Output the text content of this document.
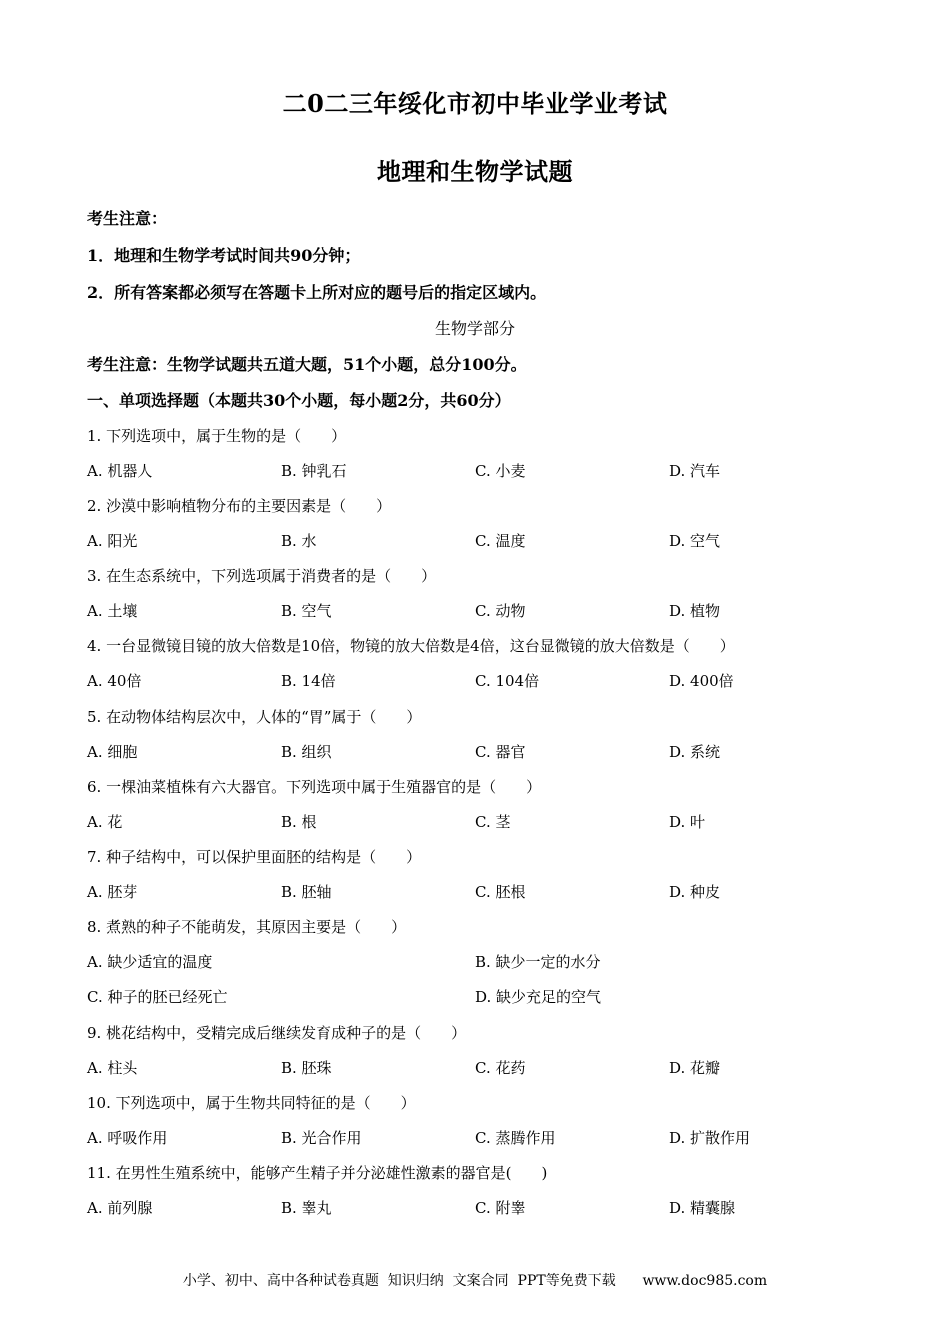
二0二三年绥化市初中毕业学业考试
地理和生物学试题
考生注意：
1．地理和生物学考试时间共90分钟；
2．所有答案都必须写在答题卡上所对应的题号后的指定区域内。
生物学部分
考生注意：生物学试题共五道大题，51个小题，总分100分。
一、单项选择题（本题共30个小题，每小题2分，共60分）
1. 下列选项中，属于生物的是（　　）
A. 机器人	B. 钟乳石	C. 小麦	D. 汽车
2. 沙漠中影响植物分布的主要因素是（　　）
A. 阳光	B. 水	C. 温度	D. 空气
3. 在生态系统中，下列选项属于消费者的是（　　）
A. 土壤	B. 空气	C. 动物	D. 植物
4. 一台显微镜目镜的放大倍数是10倍，物镜的放大倍数是4倍，这台显微镜的放大倍数是（　　）
A. 40倍	B. 14倍	C. 104倍	D. 400倍
5. 在动物体结构层次中，人体的“胃”属于（　　）
A. 细胞	B. 组织	C. 器官	D. 系统
6. 一棵油菜植株有六大器官。下列选项中属于生殖器官的是（　　）
A. 花	B. 根	C. 茎	D. 叶
7. 种子结构中，可以保护里面胚的结构是（　　）
A. 胚芽	B. 胚轴	C. 胚根	D. 种皮
8. 煮熟的种子不能萌发，其原因主要是（　　）
A. 缺少适宜的温度	B. 缺少一定的水分
C. 种子的胚已经死亡	D. 缺少充足的空气
9. 桃花结构中，受精完成后继续发育成种子的是（　　）
A. 柱头	B. 胚珠	C. 花药	D. 花瓣
10. 下列选项中，属于生物共同特征的是（　　）
A. 呼吸作用	B. 光合作用	C. 蒸腾作用	D. 扩散作用
11. 在男性生殖系统中，能够产生精子并分泌雄性激素的器官是(　　)
A. 前列腺	B. 睾丸	C. 附睾	D. 精囊腺
小学、初中、高中各种试卷真题  知识归纳  文案合同  PPT等免费下载      www.doc985.com
